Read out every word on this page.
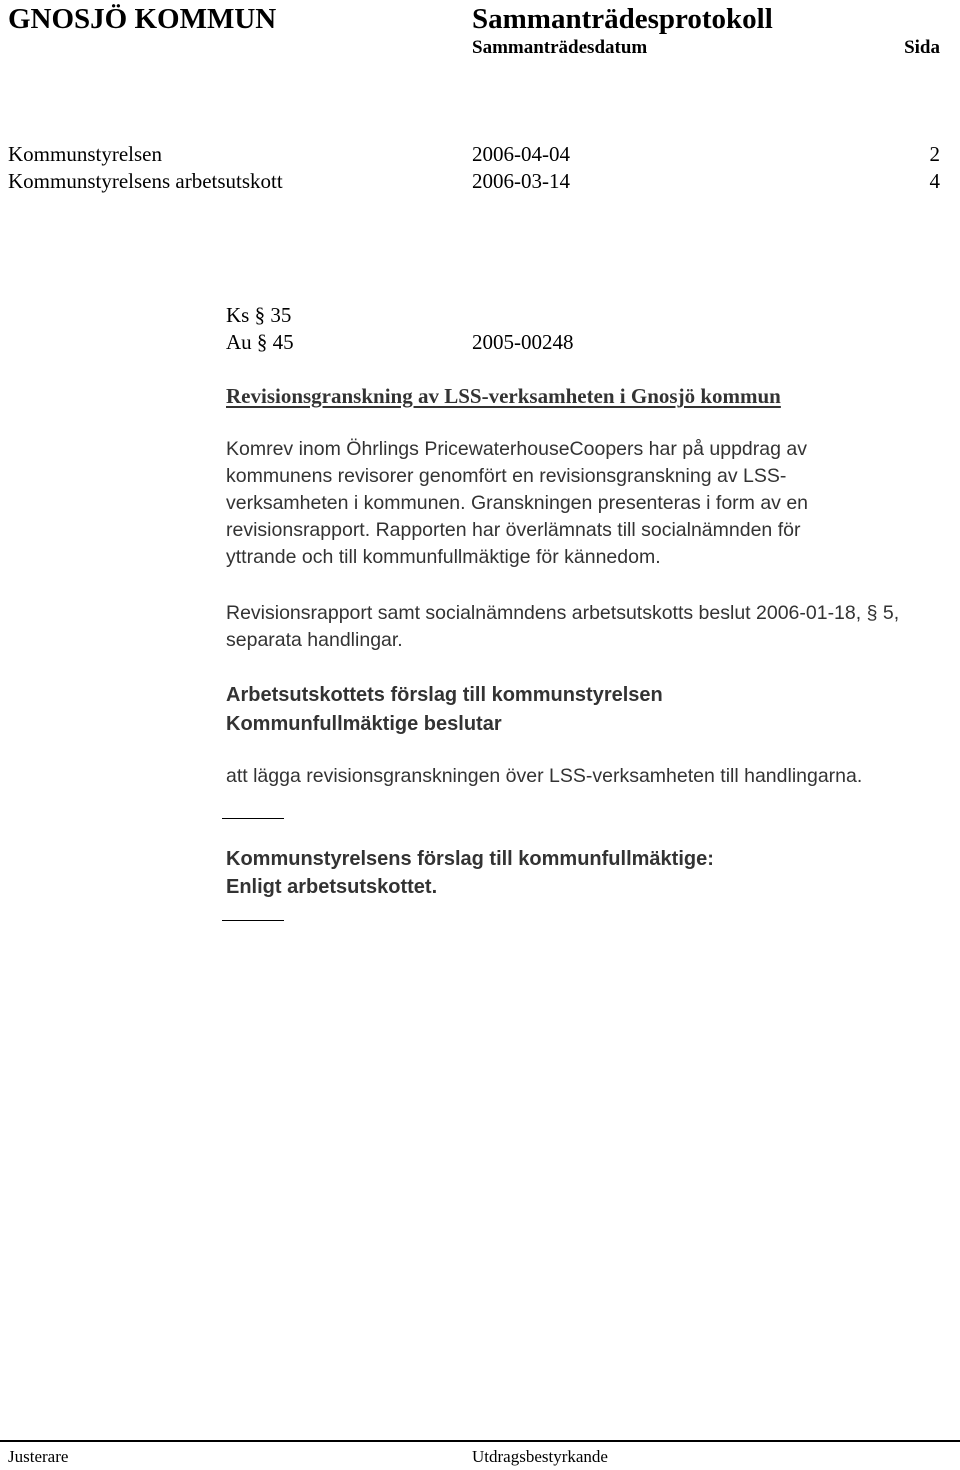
GNOSJÖ KOMMUN	Sammanträdesprotokoll
Sammanträdesdatum	Sida
Kommunstyrelsen	2006-04-04	2
Kommunstyrelsens arbetsutskott	2006-03-14	4
Ks § 35
Au § 45	2005-00248
Revisionsgranskning av LSS-verksamheten i Gnosjö kommun

Komrev inom Öhrlings PricewaterhouseCoopers har på uppdrag av kommunens revisorer genomfört en revisionsgranskning av LSS-verksamheten i kommunen. Granskningen presenteras i form av en revisionsrapport. Rapporten har överlämnats till socialnämnden för yttrande och till kommunfullmäktige för kännedom.

Revisionsrapport samt socialnämndens arbetsutskotts beslut 2006-01-18, § 5, separata handlingar.

Arbetsutskottets förslag till kommunstyrelsen
Kommunfullmäktige beslutar
att lägga revisionsgranskningen över LSS-verksamheten till handlingarna.
Kommunstyrelsens förslag till kommunfullmäktige:
Enligt arbetsutskottet.
Justerare	Utdragsbestyrkande
